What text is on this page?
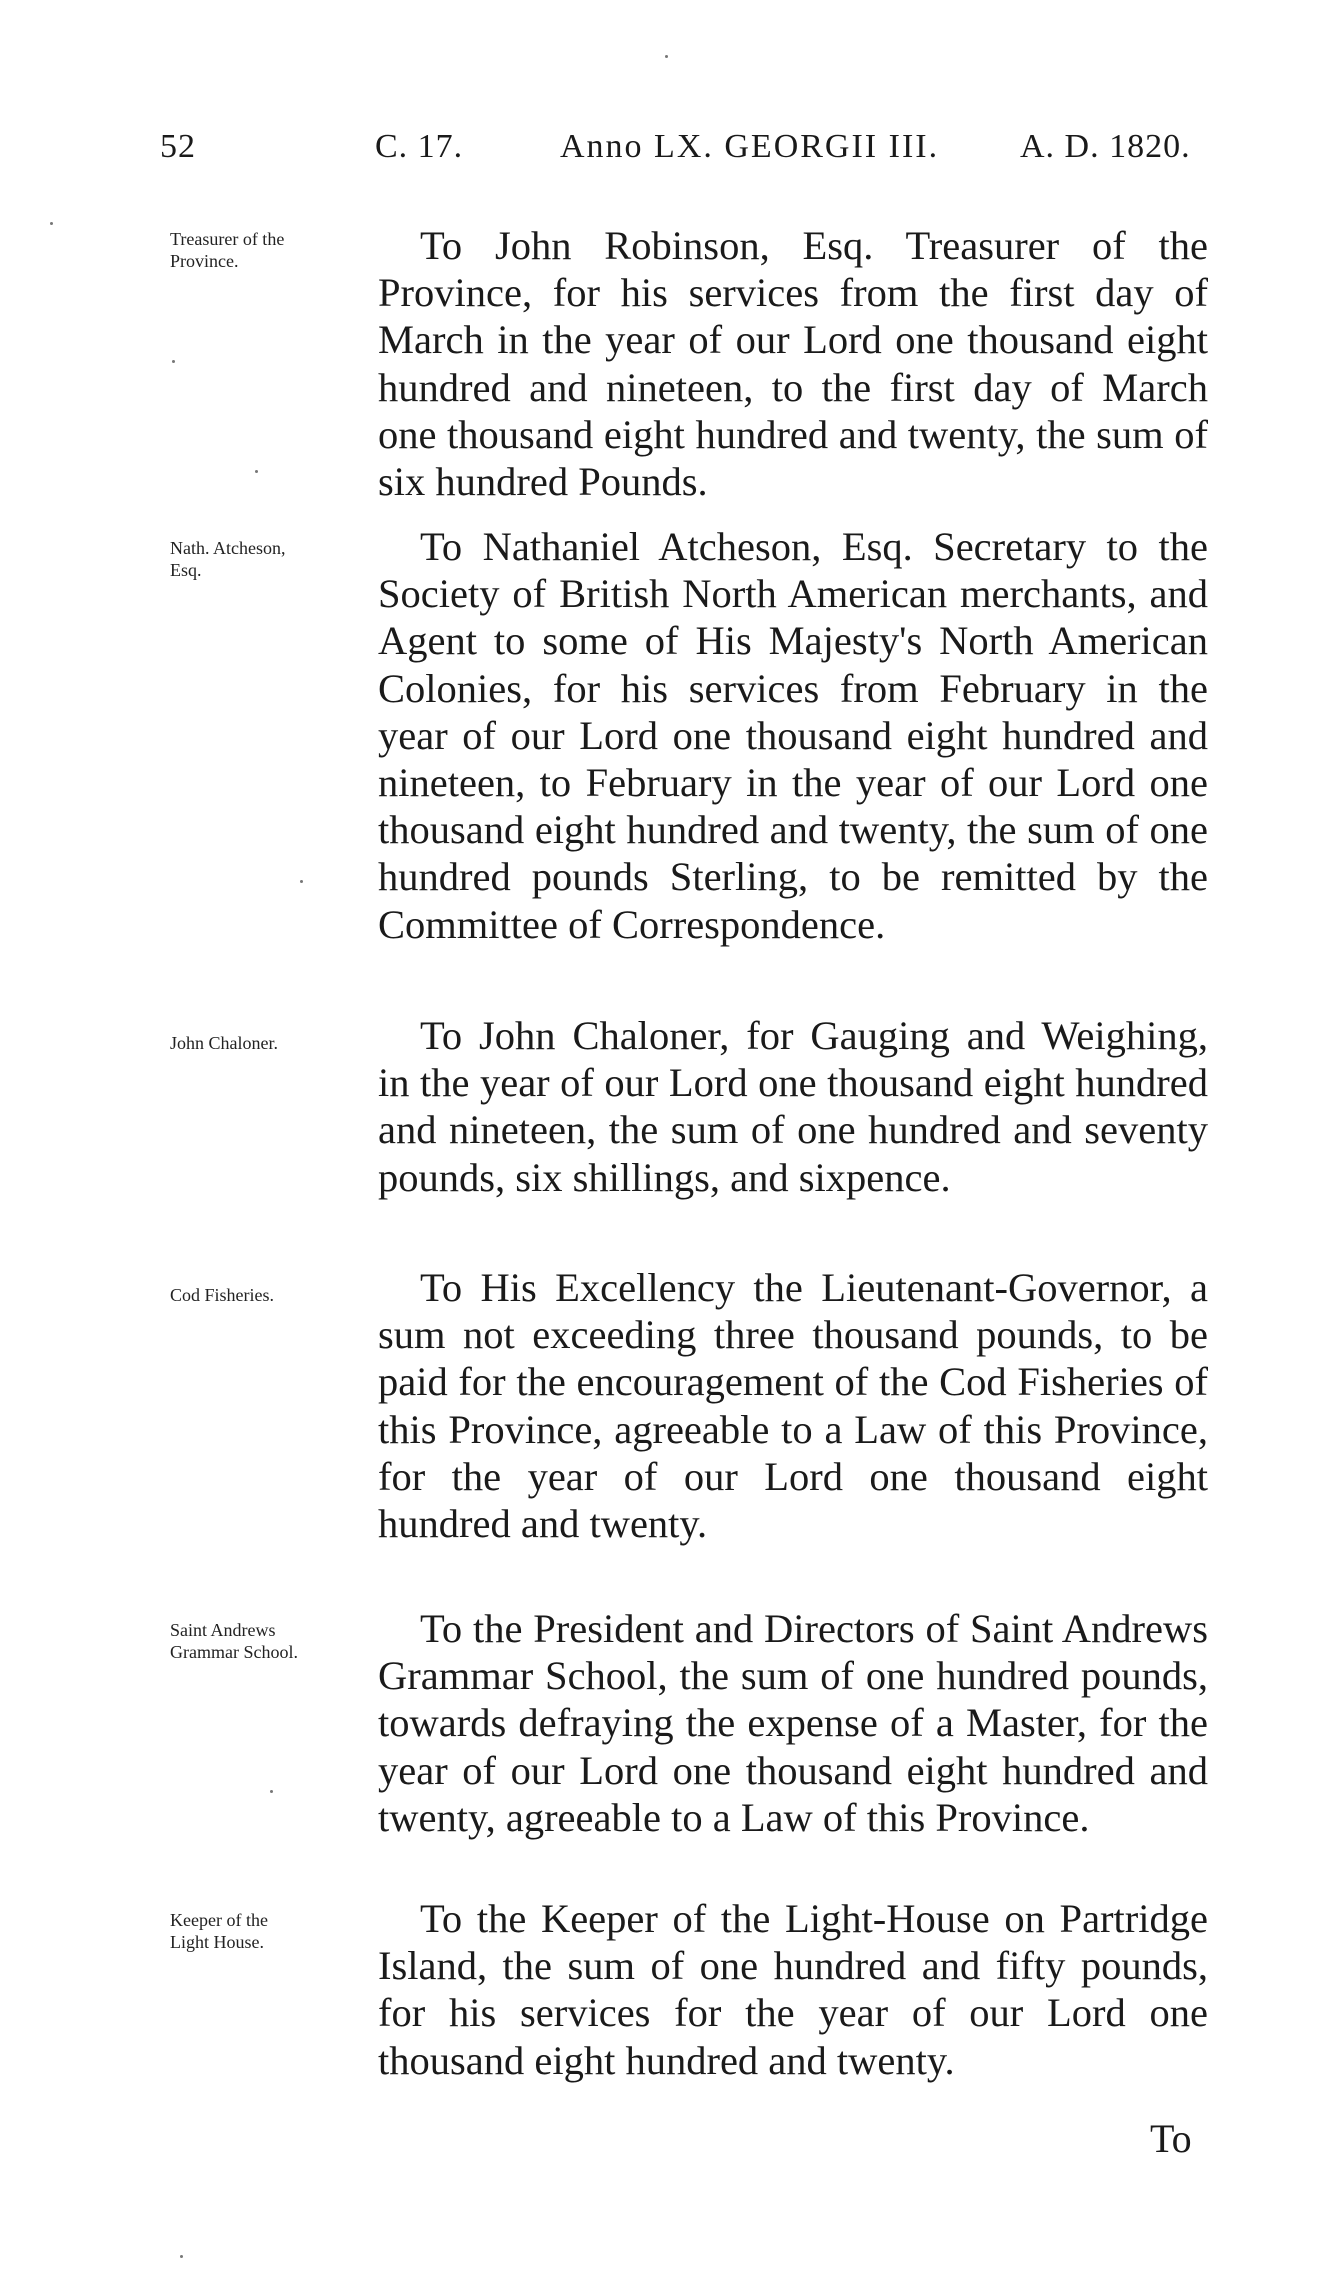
52	C. 17.	Anno LX. GEORGII III. A. D. 1820.
Treasurer of the Province.	To John Robinson, Esq. Treasurer of the Province, for his services from the first day of March in the year of our Lord one thousand eight hundred and nineteen, to the first day of March one thousand eight hundred and twenty, the sum of six hundred Pounds.

Nath. Atcheson, Esq.

To Nathaniel Atcheson, Esq. Secretary to the Society of British North American merchants, and Agent to some of His Majesty's North American Colonies, for his services from February in the year of our Lord one thousand eight hundred and nineteen, to February in the year of our Lord one thousand eight hundred and twenty, the sum of one hundred pounds Sterling, to be remitted by the Committee of Correspondence.

John Chaloner.	To John Chaloner, for Gauging and Weighing, in the year of our Lord one thousand eight hundred and nineteen, the sum of one hundred and seventy pounds, six shillings, and sixpence.

Cod Fisheries.	To His Excellency the Lieutenant-Governor, a sum not exceeding three thousand pounds, to be paid for the encouragement of the Cod Fisheries of this Province, agreeable to a Law of this Province, for the year of our Lord one thousand eight hundred and twenty.

Saint Andrews Grammar School.

To the President and Directors of Saint Andrews Grammar School, the sum of one hundred pounds, towards defraying the expense of a Master, for the year of our Lord one thousand eight hundred and twenty, agreeable to a Law of this Province.

Keeper of the Light House.

To the Keeper of the Light-House on Partridge Island, the sum of one hundred and fifty pounds, for his services for the year of our Lord one thousand eight hundred and twenty.

To
